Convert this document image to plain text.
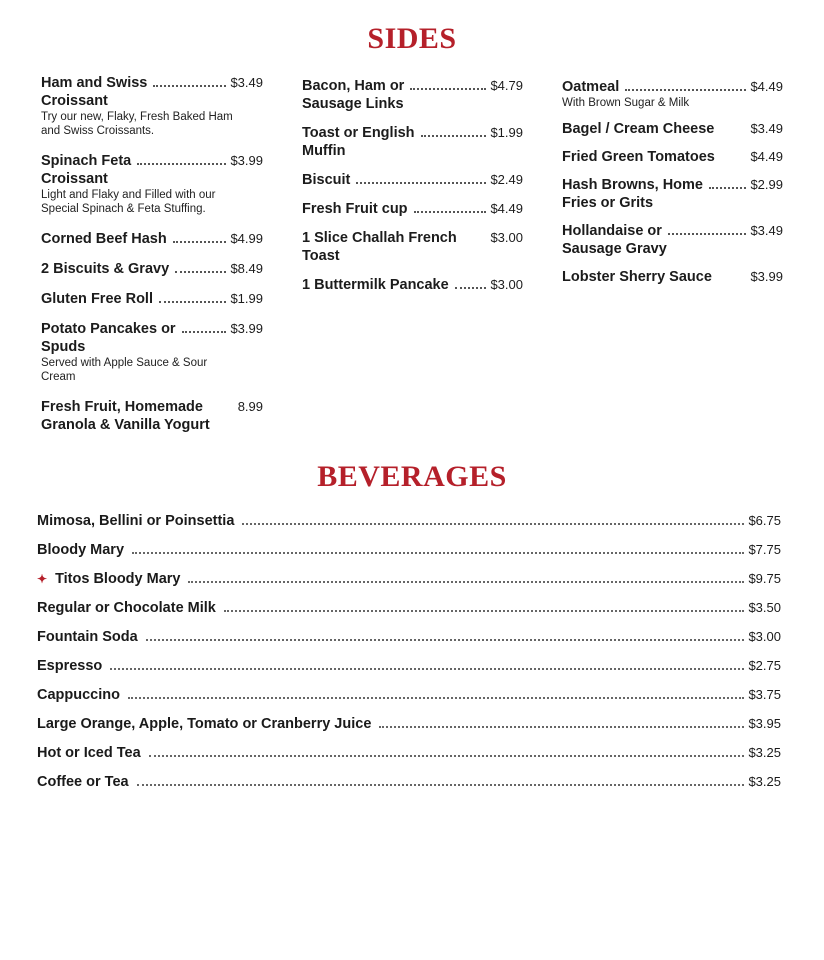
SIDES
Ham and Swiss	$3.49
Croissant
Try our new, Flaky, Fresh Baked Ham and Swiss Croissants.
Spinach Feta	$3.99
Croissant
Light and Flaky and Filled with our Special Spinach & Feta Stuffing.
Corned Beef Hash	$4.99
2 Biscuits & Gravy	$8.49
Gluten Free Roll	$1.99
Potato Pancakes or	$3.99
Spuds
Served with Apple Sauce & Sour Cream
Fresh Fruit, Homemade	8.99
Granola & Vanilla Yogurt
Bacon, Ham or	$4.79
Sausage Links
Toast or English	$1.99
Muffin
Biscuit	$2.49
Fresh Fruit cup	$4.49
1 Slice Challah French	$3.00
Toast
1 Buttermilk Pancake	$3.00
Oatmeal	$4.49
With Brown Sugar & Milk
Bagel / Cream Cheese	$3.49
Fried Green Tomatoes	$4.49
Hash Browns, Home	$2.99
Fries or Grits
Hollandaise or	$3.49
Sausage Gravy
Lobster Sherry Sauce	$3.99
BEVERAGES
Mimosa, Bellini or Poinsettia	$6.75
Bloody Mary	$7.75
✦ Titos Bloody Mary	$9.75
Regular or Chocolate Milk	$3.50
Fountain Soda	$3.00
Espresso	$2.75
Cappuccino	$3.75
Large Orange, Apple, Tomato or Cranberry Juice	$3.95
Hot or Iced Tea	$3.25
Coffee or Tea	$3.25
